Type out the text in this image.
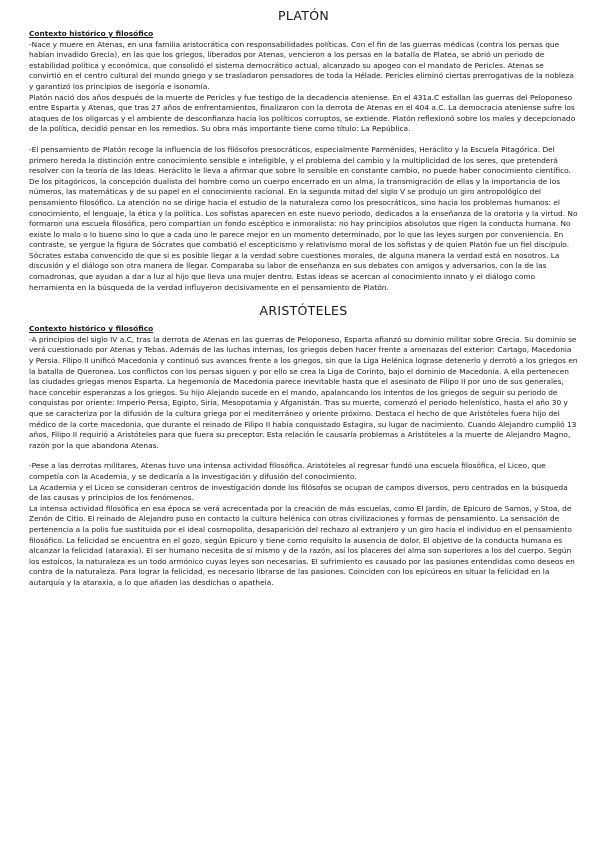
PLATÓN

Contexto histórico y filosófico

-Nace y muere en Atenas, en una familia aristocrática con responsabilidades políticas. Con el fin de las guerras médicas (contra los persas que habían invadido Grecia), en las que los griegos, liberados por Atenas, vencieron a los persas en la batalla de Platea, se abrió un periodo de estabilidad política y económica, que consolidó el sistema democrático actual, alcanzado su apogeo con el mandato de Pericles. Atenas se convirtió en el centro cultural del mundo griego y se trasladaron pensadores de toda la Hélade. Pericles eliminó ciertas prerrogativas de la nobleza y garantizó los principios de isegoría e isonomía.

Platón nació dos años después de la muerte de Pericles y fue testigo de la decadencia ateniense. En el 431a.C estallan las guerras del Peloponeso entre Esparta y Atenas, que tras 27 años de enfrentamientos, finalizaron con la derrota de Atenas en el 404 a.C. La democracia ateniense sufre los ataques de los oligarcas y el ambiente de desconfianza hacia los políticos corruptos, se extiende. Platón reflexionó sobre los males y decepcionado de la política, decidió pensar en los remedios. Su obra más importante tiene como título: La República.

-El pensamiento de Platón recoge la influencia de los filósofos presocráticos, especialmente Parménides, Heráclito y la Escuela Pitagórica. Del primero hereda la distinción entre conocimiento sensible e inteligible, y el problema del cambio y la multiplicidad de los seres, que pretenderá resolver con la teoría de las Ideas. Heráclito le lleva a afirmar que sobre lo sensible en constante cambio, no puede haber conocimiento científico. De los pitagóricos, la concepción dualista del hombre como un cuerpo encerrado en un alma, la transmigración de ellas y la importancia de los números, las matemáticas y de su papel en el conocimiento racional. En la segunda mitad del siglo V se produjo un giro antropológico del pensamiento filosófico. La atención no se dirige hacia el estudio de la naturaleza como los presocráticos, sino hacia los problemas humanos: el conocimiento, el lenguaje, la ética y la política. Los sofistas aparecen en este nuevo periodo, dedicados a la enseñanza de la oratoria y la virtud. No formaron una escuela filosófica, pero compartían un fondo escéptico e inmoralista: no hay principios absolutos que rigen la conducta humana. No existe lo malo o lo bueno sino lo que a cada uno le parece mejor en un momento determinado, por lo que las leyes surgen por conveniencia. En contraste, se yergue la figura de Sócrates que combatió el escepticismo y relativismo moral de los sofistas y de quien Platón fue un fiel discípulo. Sócrates estaba convencido de que si es posible llegar a la verdad sobre cuestiones morales, de alguna manera la verdad está en nosotros. La discusión y el diálogo son otra manera de llegar. Comparaba su labor de enseñanza en sus debates con amigos y adversarios, con la de las comadronas, que ayudan a dar a luz al hijo que lleva una mujer dentro. Estas ideas se acercan al conocimiento innato y el diálogo como herramienta en la búsqueda de la verdad influyeron decisivamente en el pensamiento de Platón.

ARISTÓTELES

Contexto histórico y filosófico

-A principios del siglo IV a.C, tras la derrota de Atenas en las guerras de Peloponeso, Esparta afianzó su dominio militar sobre Grecia. Su dominio se verá cuestionado por Atenas y Tebas. Además de las luchas internas, los griegos deben hacer frente a amenazas del exterior: Cartago, Macedonia y Persia. Filipo II unificó Macedonia y continuó sus avances frente a los griegos, sin que la Liga Helénica lograse detenerlo y derrotó a los griegos en la batalla de Queronea. Los conflictos con los persas siguen y por ello se crea la Liga de Corinto, bajo el dominio de Macedonia. A ella pertenecen las ciudades griegas menos Esparta. La hegemonía de Macedonia parece inevitable hasta que el asesinato de Filipo II por uno de sus generales, hace concebir esperanzas a los griegos. Su hijo Alejando sucede en el mando, apalancando los intentos de los griegos de seguir su periodo de conquistas por oriente: Imperio Persa, Egipto, Siria, Mesopotamia y Afganistán. Tras su muerte, comenzó el periodo helenístico, hasta el año 30 y que se caracteriza por la difusión de la cultura griega por el mediterráneo y oriente próximo. Destaca el hecho de que Aristóteles fuera hijo del médico de la corte macedonia, que durante el reinado de Filipo II había conquistado Estagira, su lugar de nacimiento. Cuando Alejandro cumplió 13 años, Filipo II requirió a Aristóteles para que fuera su preceptor. Esta relación le causaría problemas a Aristóteles a la muerte de Alejandro Magno, razón por la que abandona Atenas.

-Pese a las derrotas militares, Atenas tuvo una intensa actividad filosófica. Aristóteles al regresar fundó una escuela filosófica, el Liceo, que competía con la Academia, y se dedicaría a la investigación y difusión del conocimiento.

La Academia y el Liceo se consideran centros de investigación donde los filósofos se ocupan de campos diversos, pero centrados en la búsqueda de las causas y principios de los fenómenos.

La intensa actividad filosófica en esa época se verá acrecentada por la creación de más escuelas, como El Jardín, de Epicuro de Samos, y Stoa, de Zenón de Citio. El reinado de Alejandro puso en contacto la cultura helénica con otras civilizaciones y formas de pensamiento. La sensación de pertenencia a la polis fue sustituida por el ideal cosmopolita, desaparición del rechazo al extranjero y un giro hacia el individuo en el pensamiento filosófico. La felicidad se encuentra en el gozo, según Epicuro y tiene como requisito la ausencia de dolor. El objetivo de la conducta humana es alcanzar la felicidad (ataraxia). El ser humano necesita de sí mismo y de la razón, así los placeres del alma son superiores a los del cuerpo. Según los estoicos, la naturaleza es un todo armónico cuyas leyes son necesarias. El sufrimiento es causado por las pasiones entendidas como deseos en contra de la naturaleza. Para lograr la felicidad, es necesario librarse de las pasiones. Coinciden con los epicúreos en situar la felicidad en la autarquía y la ataraxia, a lo que añaden las desdichas o apatheia.
